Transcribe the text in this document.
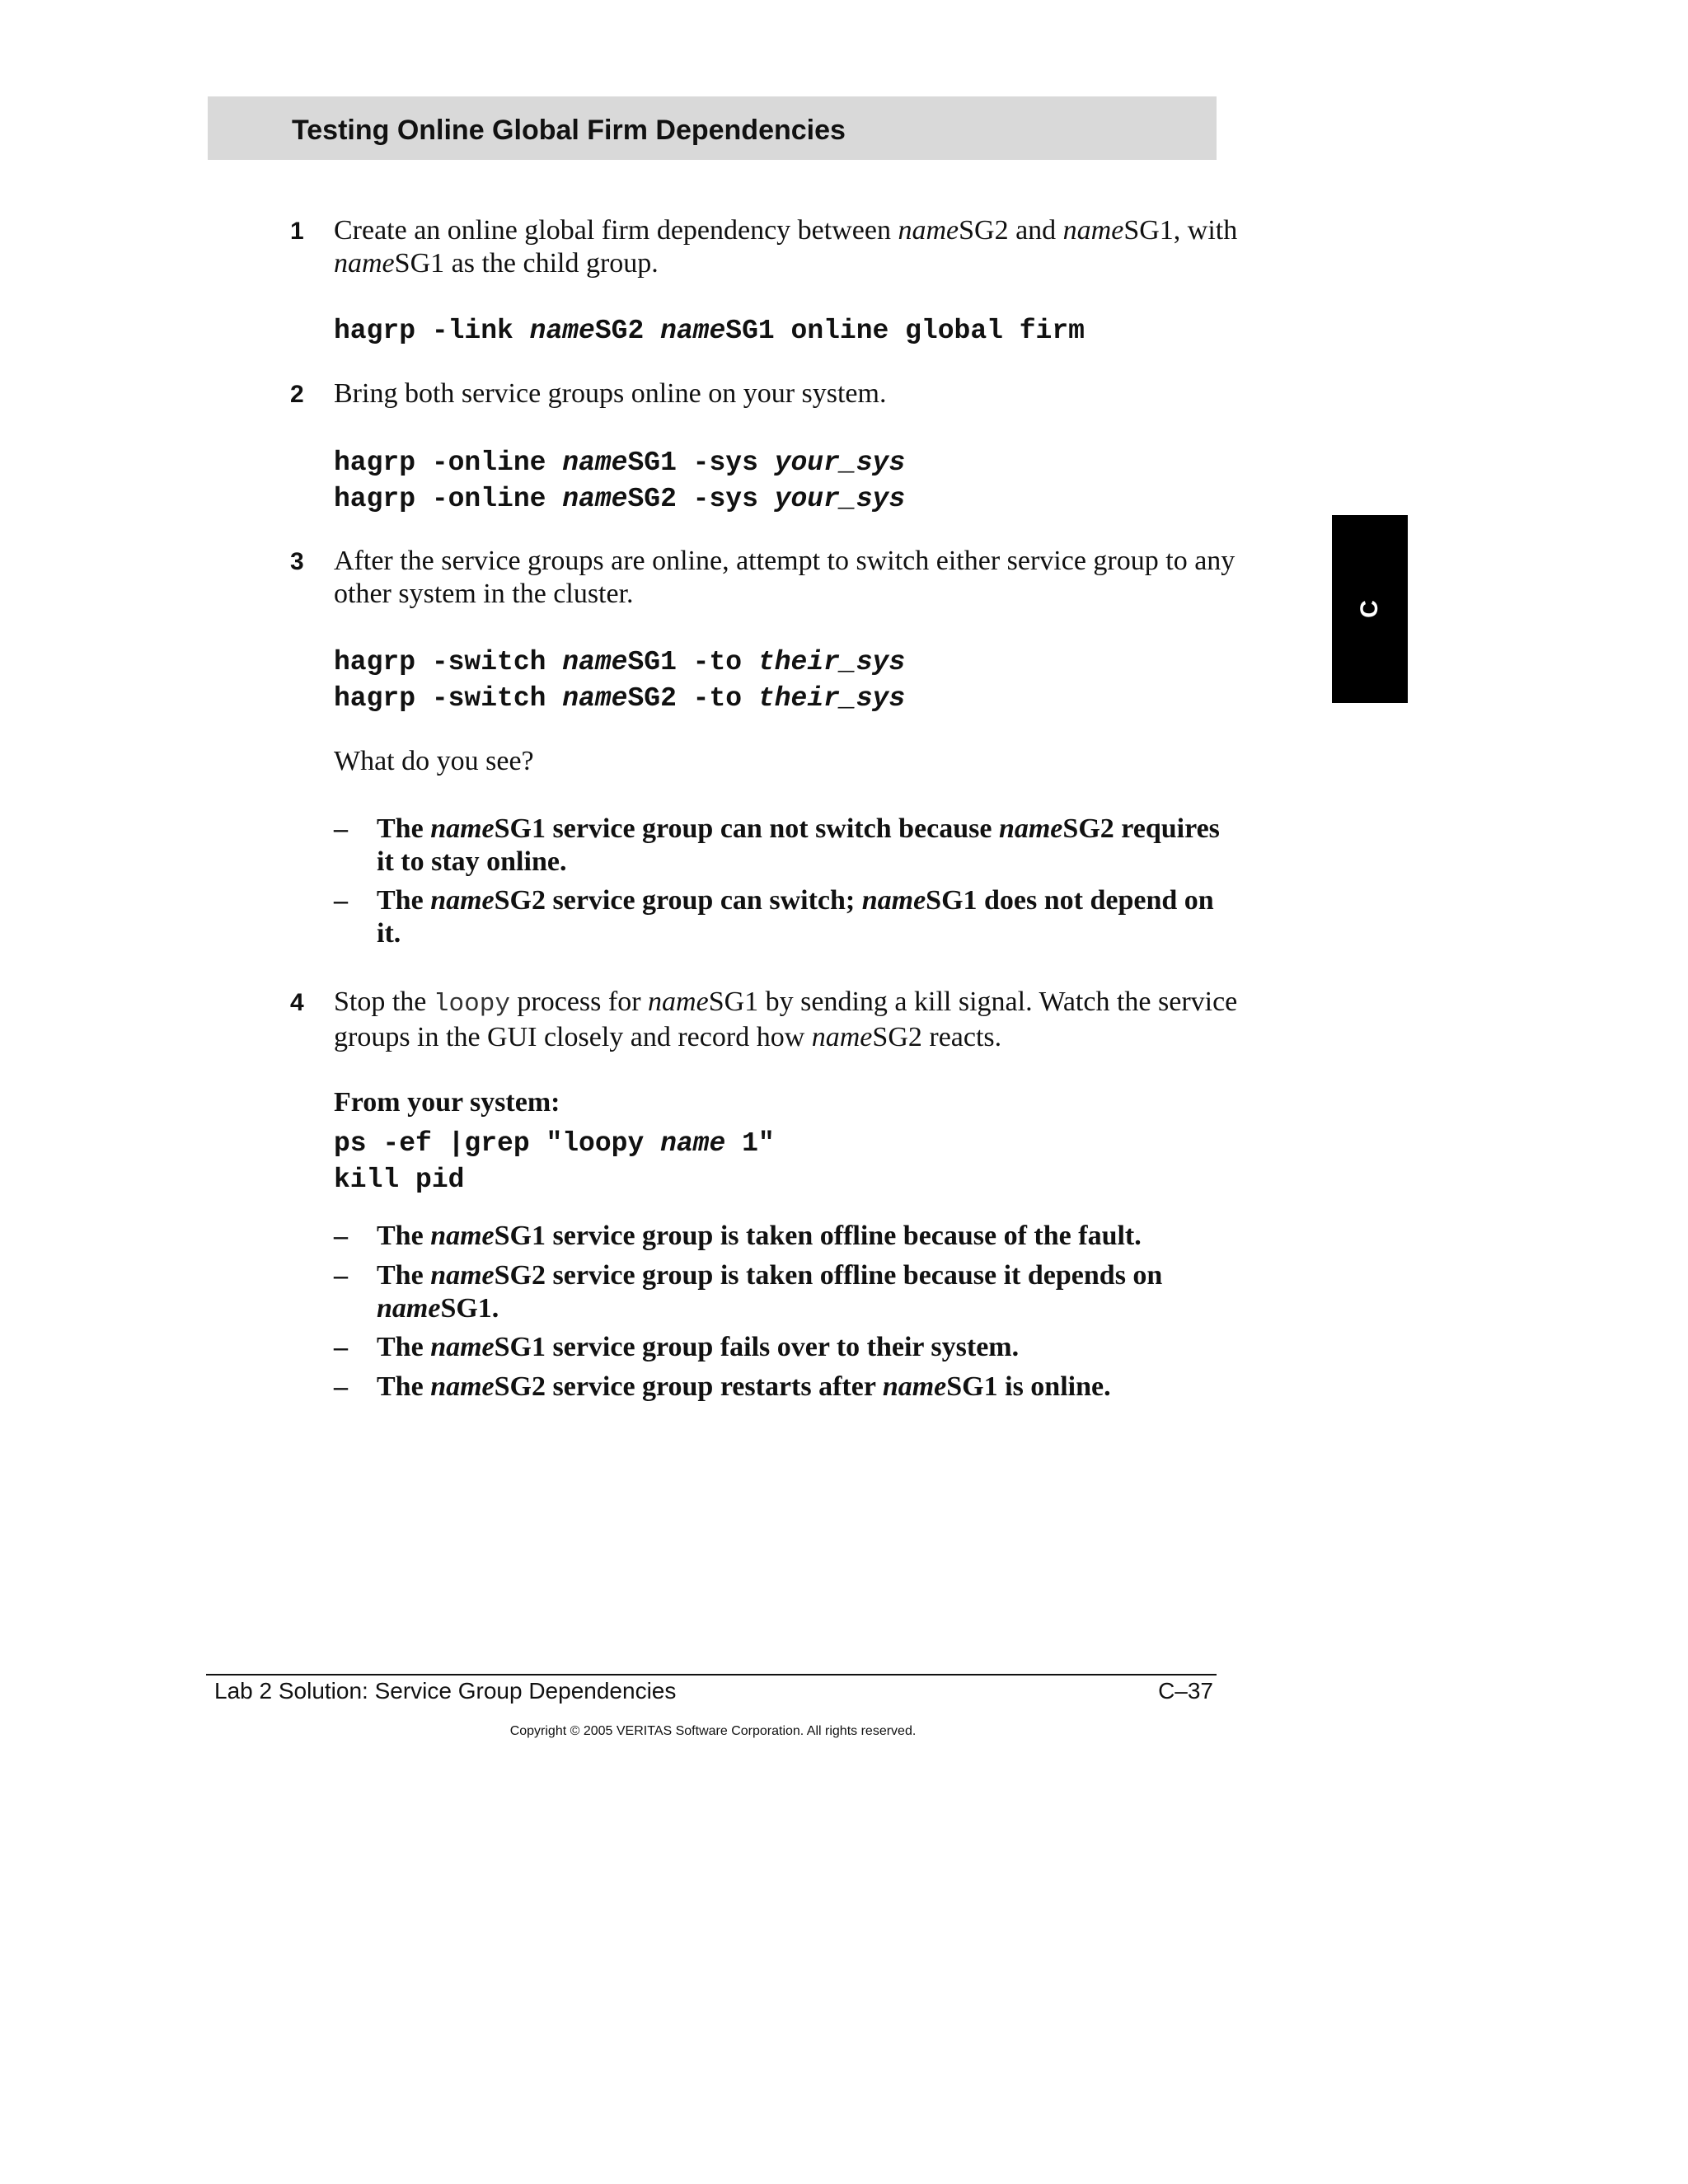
Testing Online Global Firm Dependencies
C
1 Create an online global firm dependency between nameSG2 and nameSG1, with nameSG1 as the child group.
hagrp -link nameSG2 nameSG1 online global firm
2 Bring both service groups online on your system.
hagrp -online nameSG1 -sys your_sys
hagrp -online nameSG2 -sys your_sys
3 After the service groups are online, attempt to switch either service group to any other system in the cluster.
hagrp -switch nameSG1 -to their_sys
hagrp -switch nameSG2 -to their_sys
What do you see?
– The nameSG1 service group can not switch because nameSG2 requires it to stay online.
– The nameSG2 service group can switch; nameSG1 does not depend on it.
4 Stop the loopy process for nameSG1 by sending a kill signal. Watch the service groups in the GUI closely and record how nameSG2 reacts.
From your system:
ps -ef |grep "loopy name 1"
kill pid
– The nameSG1 service group is taken offline because of the fault.
– The nameSG2 service group is taken offline because it depends on nameSG1.
– The nameSG1 service group fails over to their system.
– The nameSG2 service group restarts after nameSG1 is online.
Lab 2 Solution: Service Group Dependencies	C–37
Copyright © 2005 VERITAS Software Corporation. All rights reserved.
